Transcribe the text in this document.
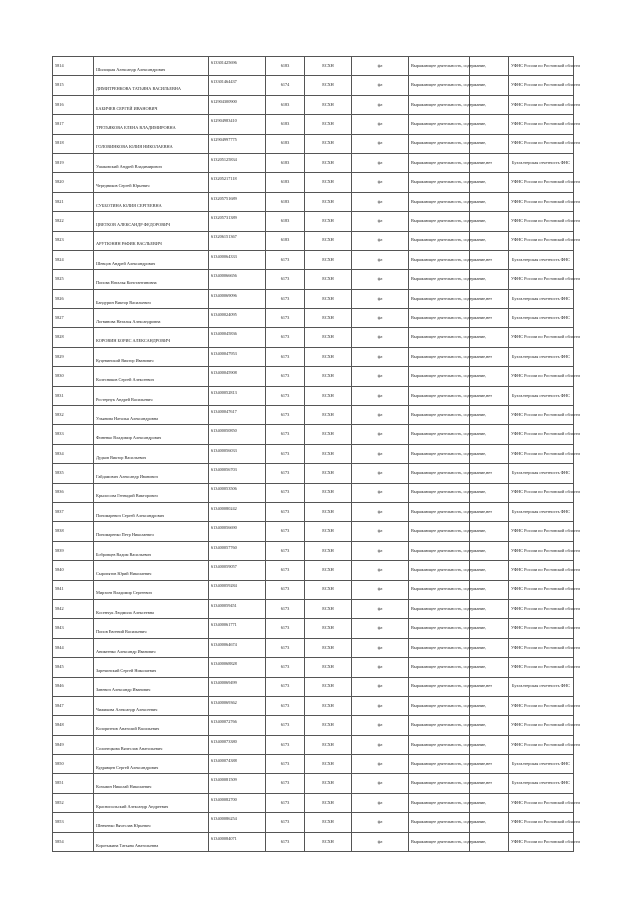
5814	Шилоцкая Александр Александрович	613301425696	6183	ЕСХН	фл	Выражающее деятельность, содержание,		УФНС России по Ростовской области
5815	ДИМИТРЕНКОВА ТАТЬЯНА ВАСИЛЬЕВНА	613301464437	6174	ЕСХН	фл	Выражающее деятельность, содержание,		УФНС России по Ростовской области
5816	БАБИЧЕВ СЕРГЕЙ ИВАНОВИЧ	612904300900	6183	ЕСХН	фл	Выражающее деятельность, содержание,		УФНС России по Ростовской области
5817	ТРЕТЬЯКОВА ЕЛЕНА ВЛАДИМИРОВНА	612904983410	6183	ЕСХН	фл	Выражающее деятельность, содержание,		УФНС России по Ростовской области
5818	ГОЛОВИНКОВА ЮЛИЯ НИКОЛАЕВНА	612904997775	6183	ЕСХН	фл	Выражающее деятельность, содержание,		УФНС России по Ростовской области
5819	Ушаковский Андрей Владимирович	613205125834	6183	ЕСХН	фл	Выражающее деятельность, содержание,	нет	Бухгалтерская отчетность ФНС
5820	Чередников Сергей Юрьевич	613205217118	6183	ЕСХН	фл	Выражающее деятельность, содержание,		УФНС России по Ростовской области
5821	СУББОТИНА ЮЛИЯ СЕРГЕЕВНА	613205751689	6183	ЕСХН	фл	Выражающее деятельность, содержание,		УФНС России по Ростовской области
5822	ЦВЕТКОВ АЛЕКСАНДР ФЕДОРОВИЧ	613205731389	6183	ЕСХН	фл	Выражающее деятельность, содержание,		УФНС России по Ростовской области
5823	АРУТЮНЯН РАФИК ВАСЛЬЕВИЧ	613206151367	6183	ЕСХН	фл	Выражающее деятельность, содержание,		УФНС России по Ростовской области
5824	Шевцов Андрей Александрович	613400064333	6173	ЕСХН	фл	Выражающее деятельность, содержание,	нет	Бухгалтерская отчетность ФНС
5825	Попова Наталья Константиновна	613400066656	6173	ЕСХН	фл	Выражающее деятельность, содержание,		УФНС России по Ростовской области
5826	Бандурин Виктор Васильевич	613400069096	6173	ЕСХН	фл	Выражающее деятельность, содержание,	нет	Бухгалтерская отчетность ФНС
5827	Логвинова Наталья Александровна	613400024095	6173	ЕСХН	фл	Выражающее деятельность, содержание,	нет	Бухгалтерская отчетность ФНС
5828	КОРОВИН БОРИС АЛЕКСАНДРОВИЧ	613400045836	6173	ЕСХН	фл	Выражающее деятельность, содержание,		УФНС России по Ростовской области
5829	Куцевинский Виктор Иванович	613400047953	6173	ЕСХН	фл	Выражающее деятельность, содержание,	нет	Бухгалтерская отчетность ФНС
5830	Колесников Сергей Алексеевич	613400045908	6173	ЕСХН	фл	Выражающее деятельность, содержание,		УФНС России по Ростовской области
5831	Ростернук Андрей Васильевич	613400052813	6173	ЕСХН	фл	Выражающее деятельность, содержание,	нет	Бухгалтерская отчетность ФНС
5832	Ульянова Наталья Александровна	613400047617	6173	ЕСХН	фл	Выражающее деятельность, содержание,		УФНС России по Ростовской области
5833	Финенко Владимир Александрович	613400050850	6173	ЕСХН	фл	Выражающее деятельность, содержание,		УФНС России по Ростовской области
5834	Дудков Виктор Васильевич	613400056033	6173	ЕСХН	фл	Выражающее деятельность, содержание,		УФНС России по Ростовской области
5835	Гайдамович Александр Иванович	613400056703	6173	ЕСХН	фл	Выражающее деятельность, содержание,	нет	Бухгалтерская отчетность ФНС
5836	Крылосова Геннадий Викторович	613400053506	6173	ЕСХН	фл	Выражающее деятельность, содержание,		УФНС России по Ростовской области
5837	Пономаревич Сергей Александрович	613400080242	6173	ЕСХН	фл	Выражающее деятельность, содержание,	нет	Бухгалтерская отчетность ФНС
5838	Пономаренко Петр Николаевич	613400056690	6173	ЕСХН	фл	Выражающее деятельность, содержание,		УФНС России по Ростовской области
5839	Бобровцев Вадим Васильевич	613400057760	6173	ЕСХН	фл	Выражающее деятельность, содержание,		УФНС России по Ростовской области
5840	Сыропятов Юрий Николаевич	613400059057	6173	ЕСХН	фл	Выражающее деятельность, содержание,		УФНС России по Ростовской области
5841	Мирзоев Владимир Сергеевич	613400059284	6173	ЕСХН	фл	Выражающее деятельность, содержание,		УФНС России по Ростовской области
5842	Косенчук Людмила Алексеевна	613400059451	6173	ЕСХН	фл	Выражающее деятельность, содержание,		УФНС России по Ростовской области
5843	Попов Евгений Васильевич	613400061771	6173	ЕСХН	фл	Выражающее деятельность, содержание,		УФНС России по Ростовской области
5844	Аникеенко Александр Иванович	613400064674	6173	ЕСХН	фл	Выражающее деятельность, содержание,		УФНС России по Ростовской области
5845	Заречинский Сергей Николаевич	613400068828	6173	ЕСХН	фл	Выражающее деятельность, содержание,		УФНС России по Ростовской области
5846	Заневич Александр Иванович	613400069499	6173	ЕСХН	фл	Выражающее деятельность, содержание,	нет	Бухгалтерская отчетность ФНС
5847	Чижикова Александр Алексеевич	613400069362	6173	ЕСХН	фл	Выражающее деятельность, содержание,		УФНС России по Ростовской области
5848	Колоритнов Анатолий Васильевич	613400072766	6173	ЕСХН	фл	Выражающее деятельность, содержание,		УФНС России по Ростовской области
5849	Солонецкова Вячеслав Анатольевич	613400073380	6173	ЕСХН	фл	Выражающее деятельность, содержание,		УФНС России по Ростовской области
5850	Кудрявцев Сергей Александрович	613400074388	6173	ЕСХН	фл	Выражающее деятельность, содержание,	нет	Бухгалтерская отчетность ФНС
5851	Козьмин Николай Николаевич	613400081509	6173	ЕСХН	фл	Выражающее деятельность, содержание,	нет	Бухгалтерская отчетность ФНС
5852	Краснопольский Александр Андреевич	613400082700	6173	ЕСХН	фл	Выражающее деятельность, содержание,		УФНС России по Ростовской области
5853	Шевченко Вячеслав Юрьевич	613400086254	6173	ЕСХН	фл	Выражающее деятельность, содержание,		УФНС России по Ростовской области
5854	Коротыкина Татьяна Анатольевна	613400084071	6173	ЕСХН	фл	Выражающее деятельность, содержание,		УФНС России по Ростовской области
